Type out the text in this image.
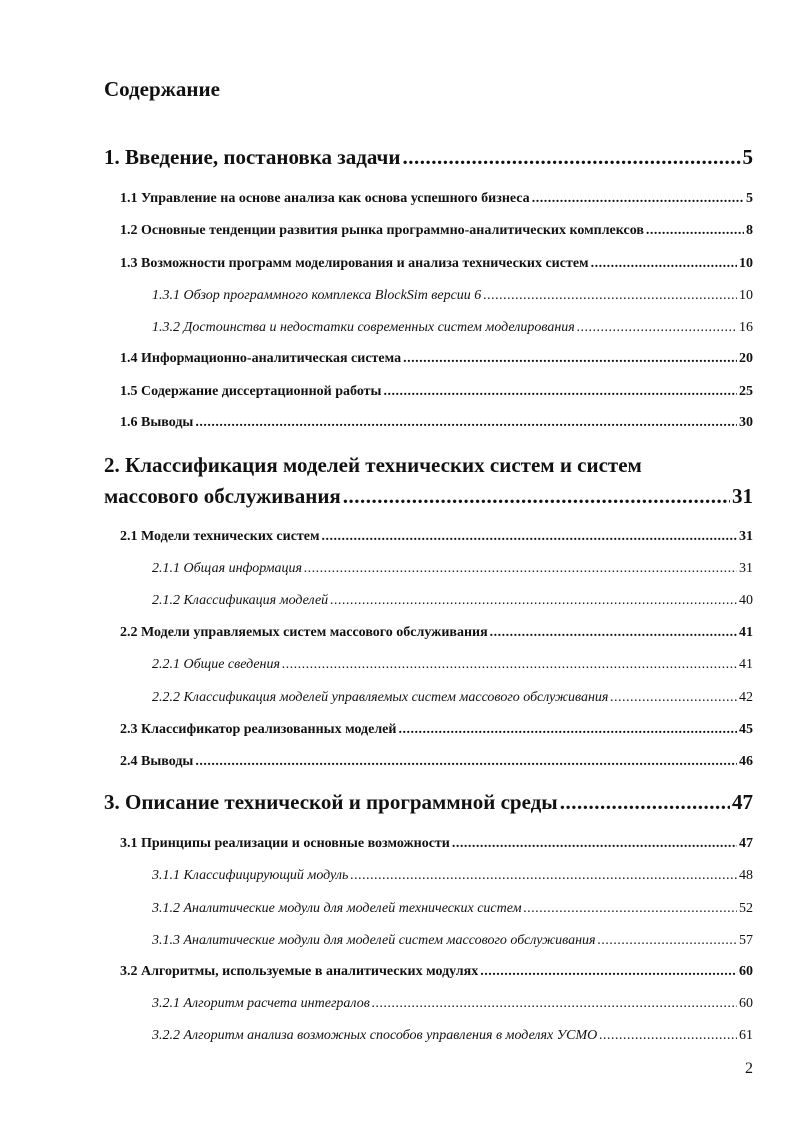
Содержание
1. Введение, постановка задачи .....	5
1.1 Управление на основе анализа как основа успешного бизнеса .....	5
1.2 Основные тенденции развития рынка программно-аналитических комплексов .....	8
1.3 Возможности программ моделирования и анализа технических систем .....	10
1.3.1 Обзор программного комплекса BlockSim версии 6 .....	10
1.3.2 Достоинства и недостатки современных систем моделирования .....	16
1.4 Информационно-аналитическая система .....	20
1.5 Содержание диссертационной работы .....	25
1.6 Выводы .....	30
2. Классификация моделей технических систем и систем
массового обслуживания .....	31
2.1 Модели технических систем .....	31
2.1.1 Общая информация .....	31
2.1.2 Классификация моделей .....	40
2.2 Модели управляемых систем массового обслуживания .....	41
2.2.1 Общие сведения .....	41
2.2.2 Классификация моделей управляемых систем массового обслуживания .....	42
2.3 Классификатор реализованных моделей .....	45
2.4 Выводы .....	46
3. Описание технической и программной среды .....	47
3.1 Принципы реализации и основные возможности .....	47
3.1.1 Классифицирующий модуль .....	48
3.1.2 Аналитические модули для моделей технических систем .....	52
3.1.3 Аналитические модули для моделей систем массового обслуживания .....	57
3.2 Алгоритмы, используемые в аналитических модулях .....	60
3.2.1 Алгоритм расчета интегралов .....	60
3.2.2 Алгоритм анализа возможных способов управления в моделях УСМО .....	61
2
